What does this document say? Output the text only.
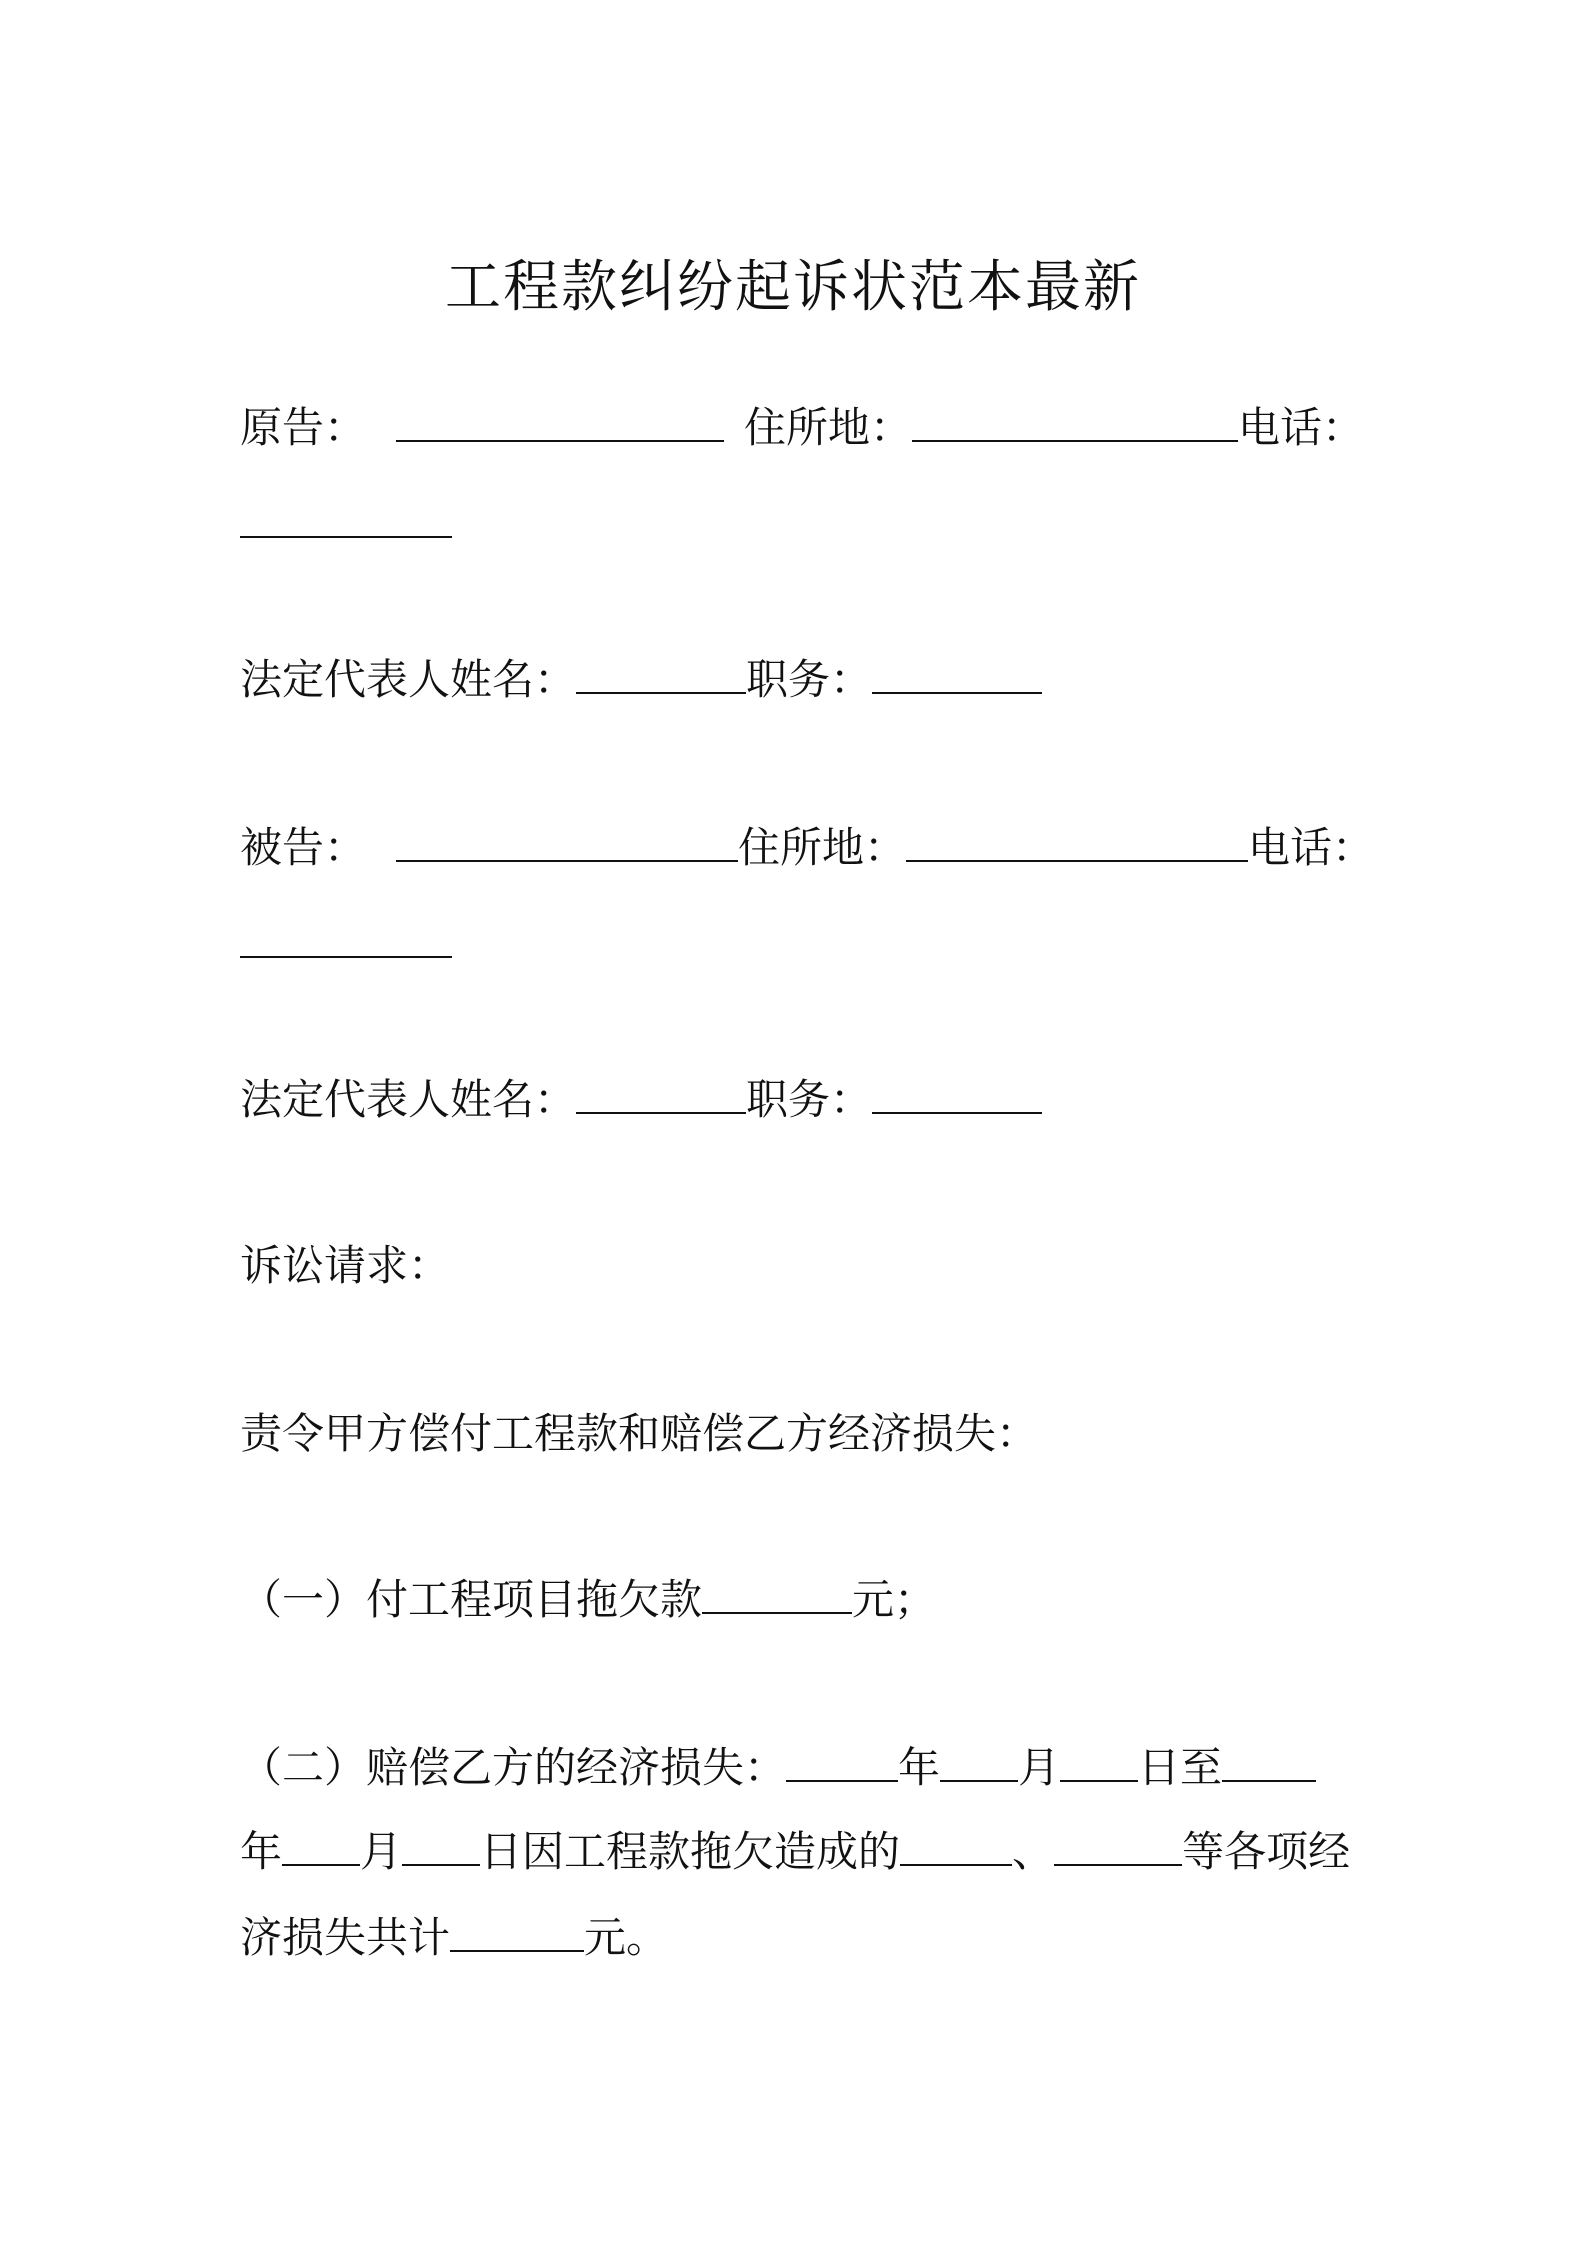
工程款纠纷起诉状范本最新
原告：	住所地：	电话：
法定代表人姓名：	职务：
被告：	住所地：	电话：
法定代表人姓名：	职务：
诉讼请求：
责令甲方偿付工程款和赔偿乙方经济损失：
（一）付工程项目拖欠款	元；
（二）赔偿乙方的经济损失：	年 月 日至
年 月 日因工程款拖欠造成的	、	等各项经
济损失共计	元。
